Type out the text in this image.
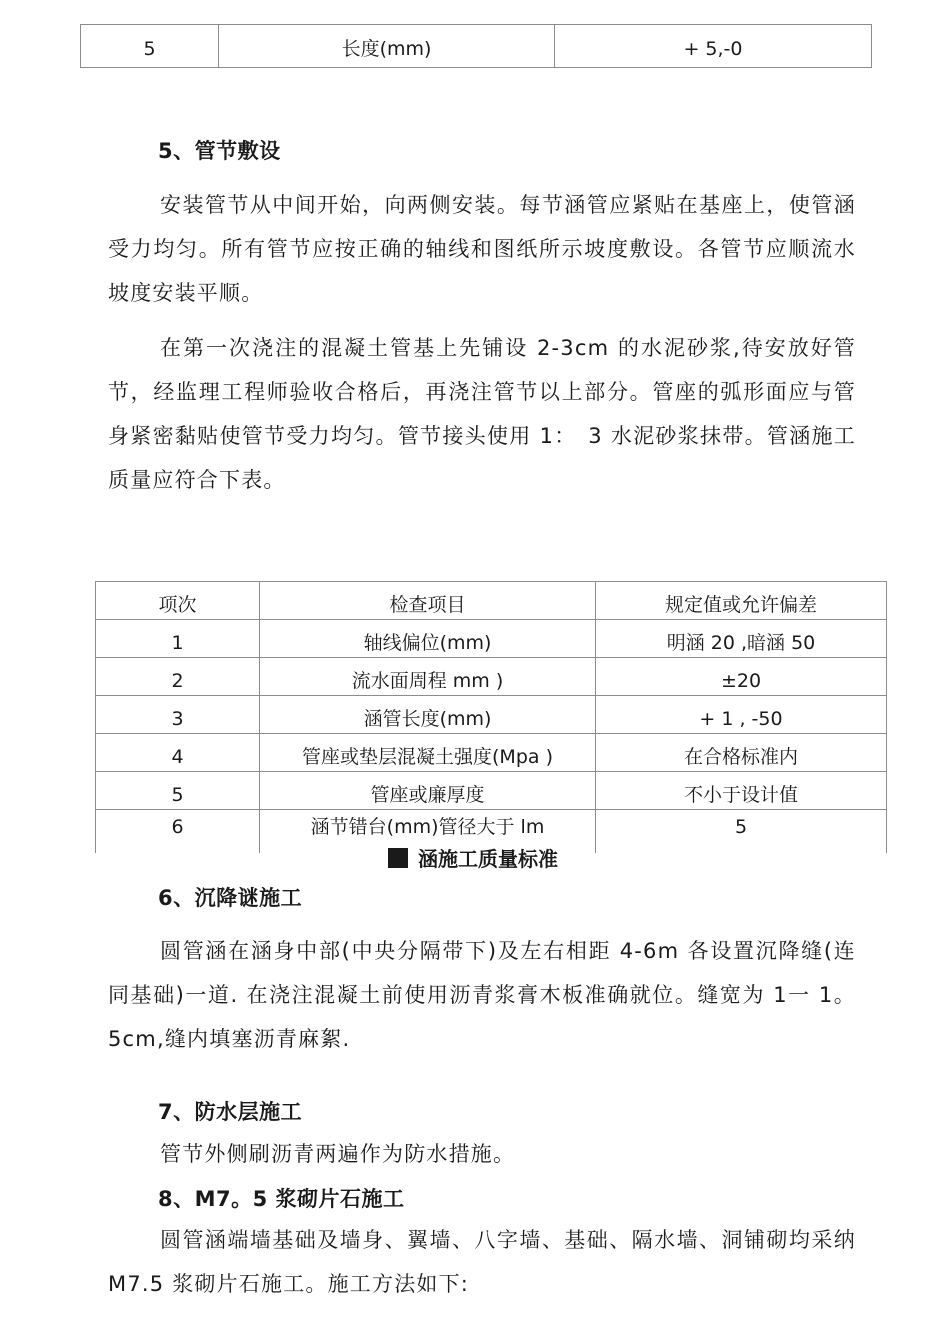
5	长度(mm)	+ 5,-0

5、管节敷设

安装管节从中间开始，向两侧安装。每节涵管应紧贴在基座上，使管涵受力均匀。所有管节应按正确的轴线和图纸所示坡度敷设。各管节应顺流水坡度安装平顺。

在第一次浇注的混凝土管基上先铺设 2-3cm 的水泥砂浆,待安放好管节，经监理工程师验收合格后，再浇注管节以上部分。管座的弧形面应与管身紧密黏贴使管节受力均匀。管节接头使用 1：　3 水泥砂浆抹带。管涵施工质量应符合下表。

项次	检查项目	规定值或允许偏差
1	轴线偏位(mm)	明涵 20 ,暗涵 50
2	流水面周程 mm )	±20
3	涵管长度(mm)	+ 1 , -50
4	管座或垫层混凝土强度(Mpa )	在合格标准内
5	管座或廉厚度	不小于设计值
6	涵节错台(mm)管径大于 lm	5

涵施工质量标准

6、沉降谜施工

圆管涵在涵身中部(中央分隔带下)及左右相距 4-6m 各设置沉降缝(连同基础)一道. 在浇注混凝土前使用沥青浆膏木板准确就位。缝宽为 1一 1。5cm,缝内填塞沥青麻絮.

7、防水层施工

管节外侧刷沥青两遍作为防水措施。

8、M7。5 浆砌片石施工

圆管涵端墙基础及墙身、翼墙、八字墙、基础、隔水墙、洞铺砌均采纳 M7.5 浆砌片石施工。施工方法如下:
